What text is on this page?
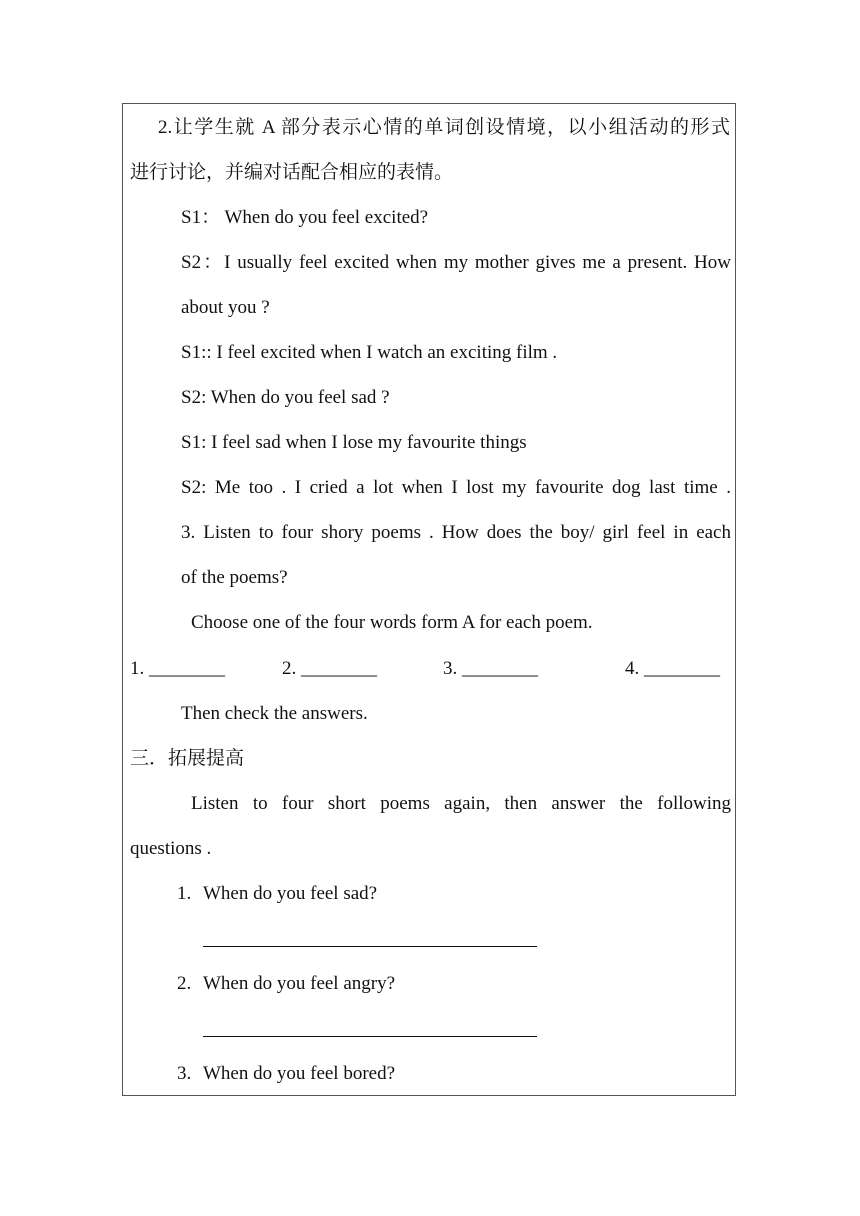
2.让学生就 A 部分表示心情的单词创设情境，以小组活动的形式
进行讨论，并编对话配合相应的表情。
S1： When do you feel excited?
S2：I usually feel excited when my mother gives me a present. How
about you ?
S1:: I feel excited when I watch an exciting film .
S2: When do you feel sad ?
S1: I feel sad when I lose my favourite things
S2: Me too . I cried a lot when I lost my favourite dog last time .
3. Listen to four shory poems . How does the boy/ girl feel in each
of the poems?
Choose one of the four words form A for each poem.
1. ________	2. ________	3. ________	4. ________
Then check the answers.
三．拓展提高
Listen to four short poems again, then answer the following
questions .
1. When do you feel sad?
2. When do you feel angry?
3. When do you feel bored?
